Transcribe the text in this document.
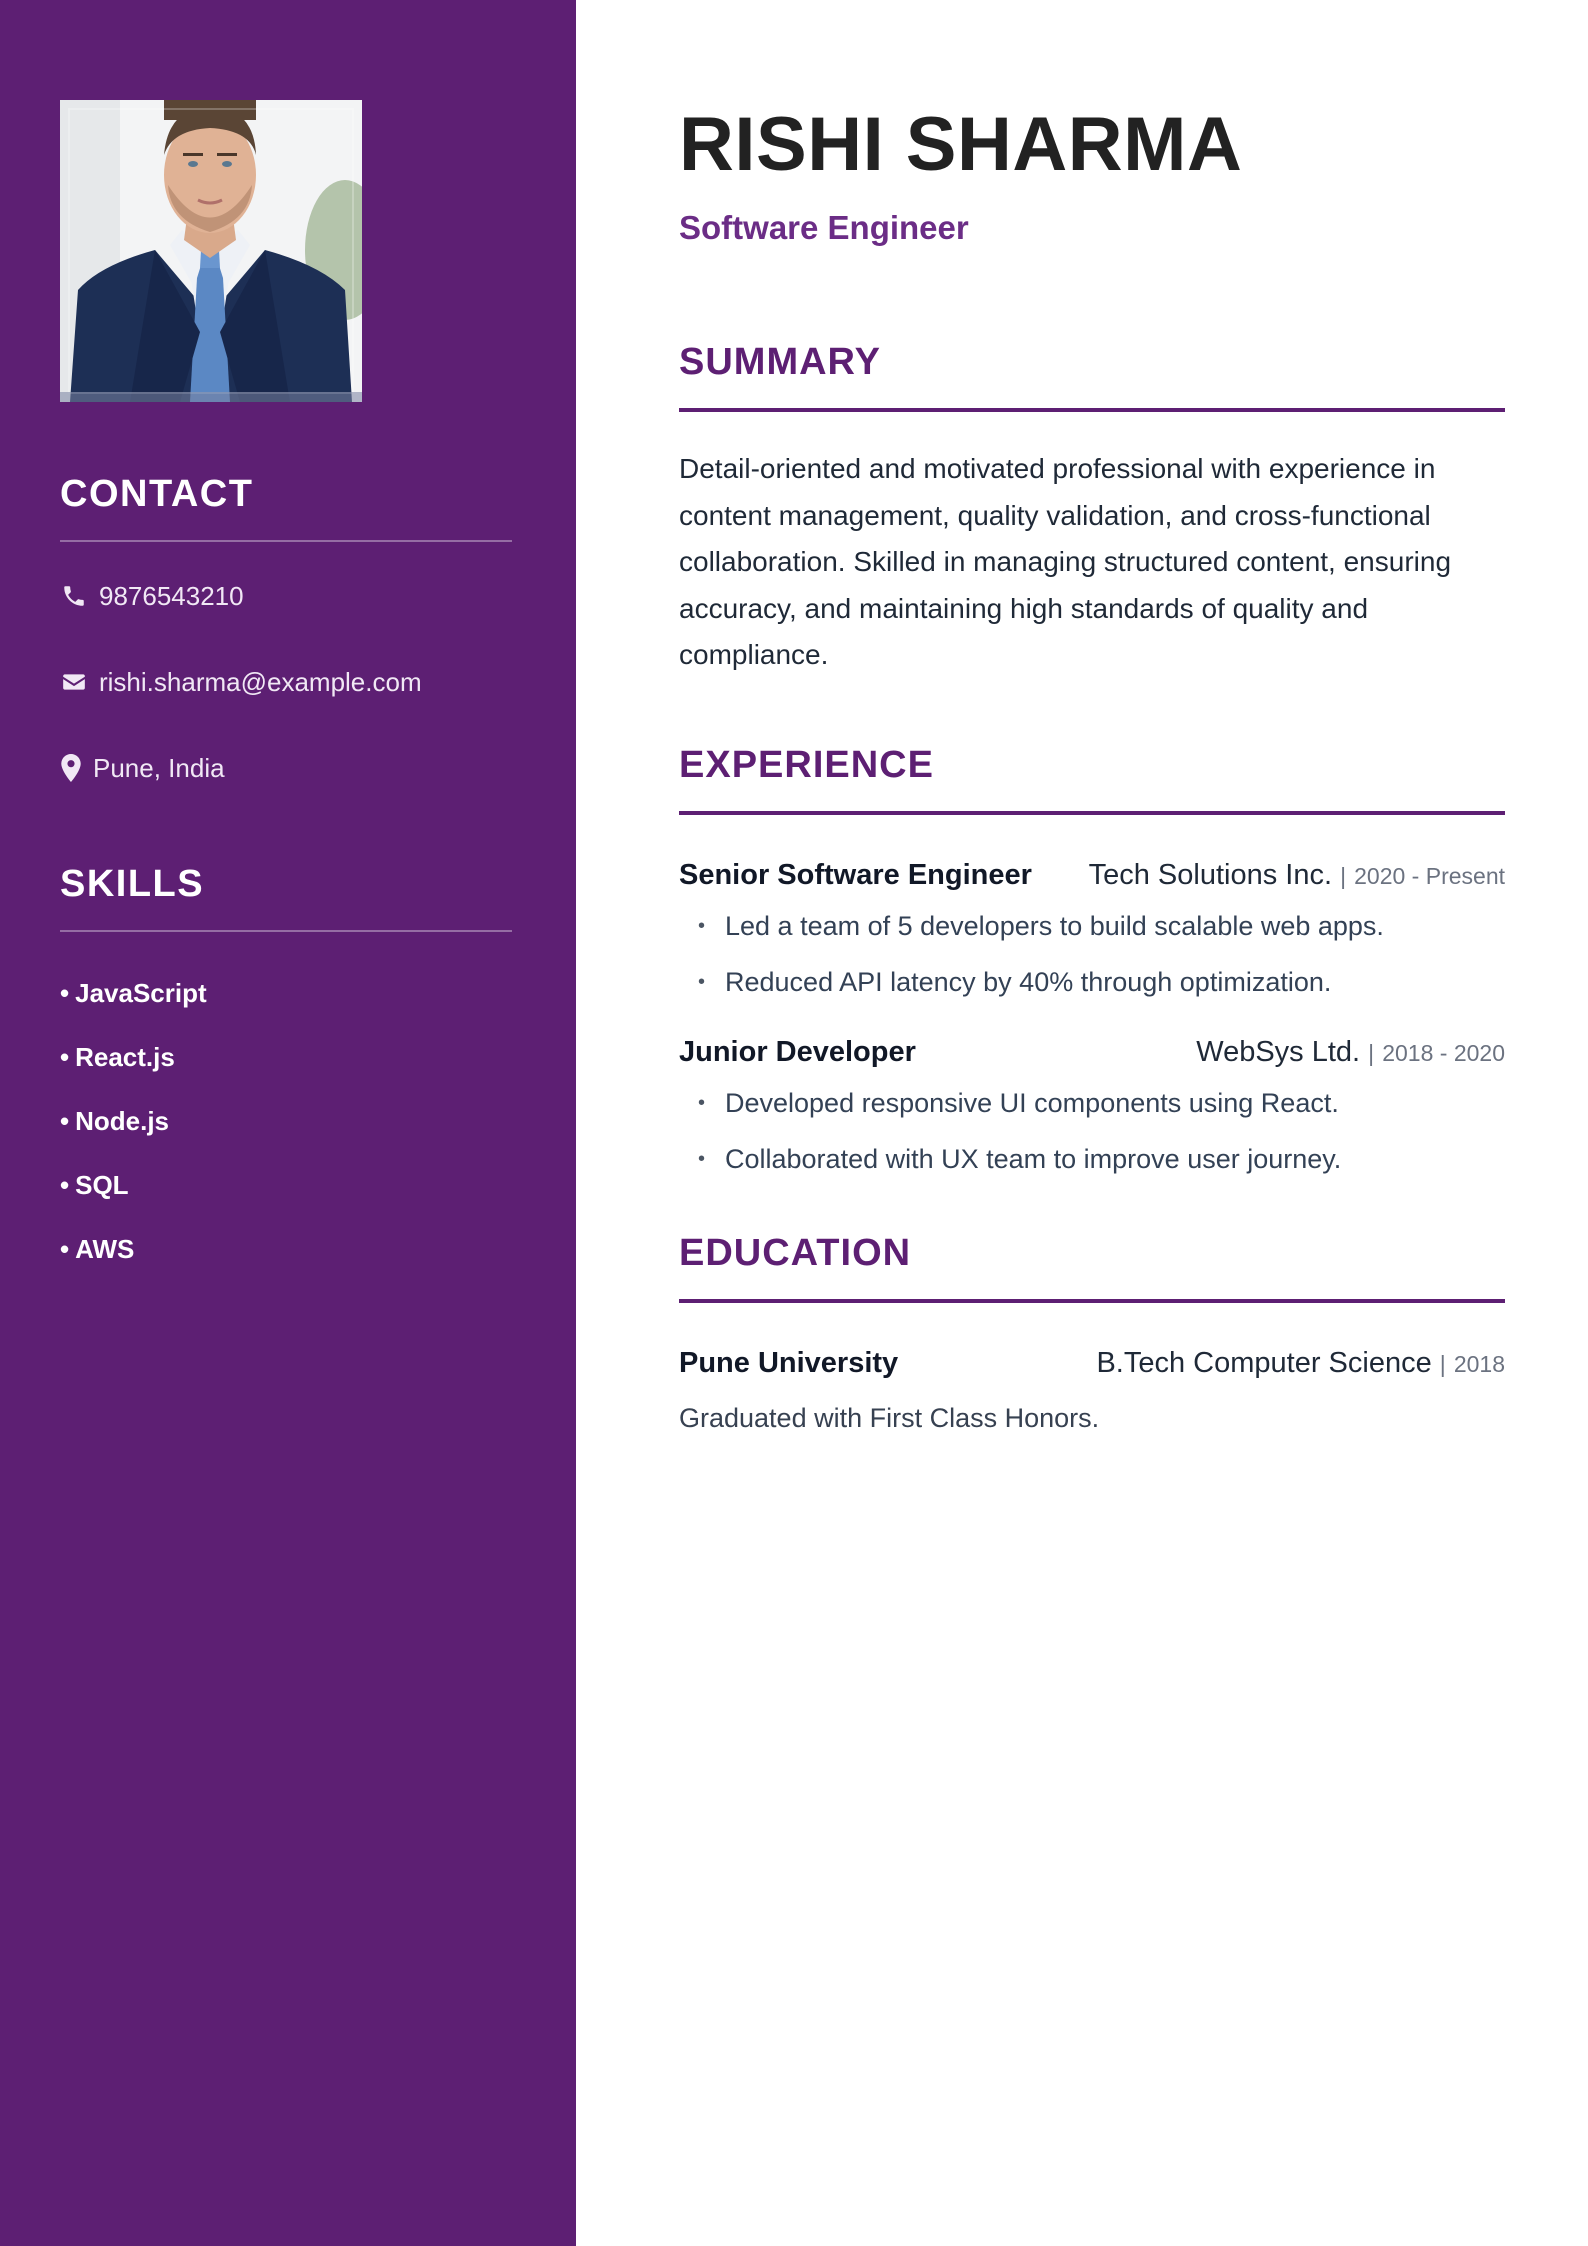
CONTACT
9876543210
rishi.sharma@example.com
Pune, India
SKILLS
• JavaScript
• React.js
• Node.js
• SQL
• AWS
RISHI SHARMA
Software Engineer
SUMMARY

Detail-oriented and motivated professional with experience in content management, quality validation, and cross-functional collaboration. Skilled in managing structured content, ensuring accuracy, and maintaining high standards of quality and compliance.

EXPERIENCE
Senior Software Engineer Tech Solutions Inc. | 2020 - Present
• Led a team of 5 developers to build scalable web apps.
• Reduced API latency by 40% through optimization.
Junior Developer	WebSys Ltd. | 2018 - 2020
• Developed responsive UI components using React.
• Collaborated with UX team to improve user journey.
EDUCATION
Pune University	B.Tech Computer Science | 2018
Graduated with First Class Honors.
